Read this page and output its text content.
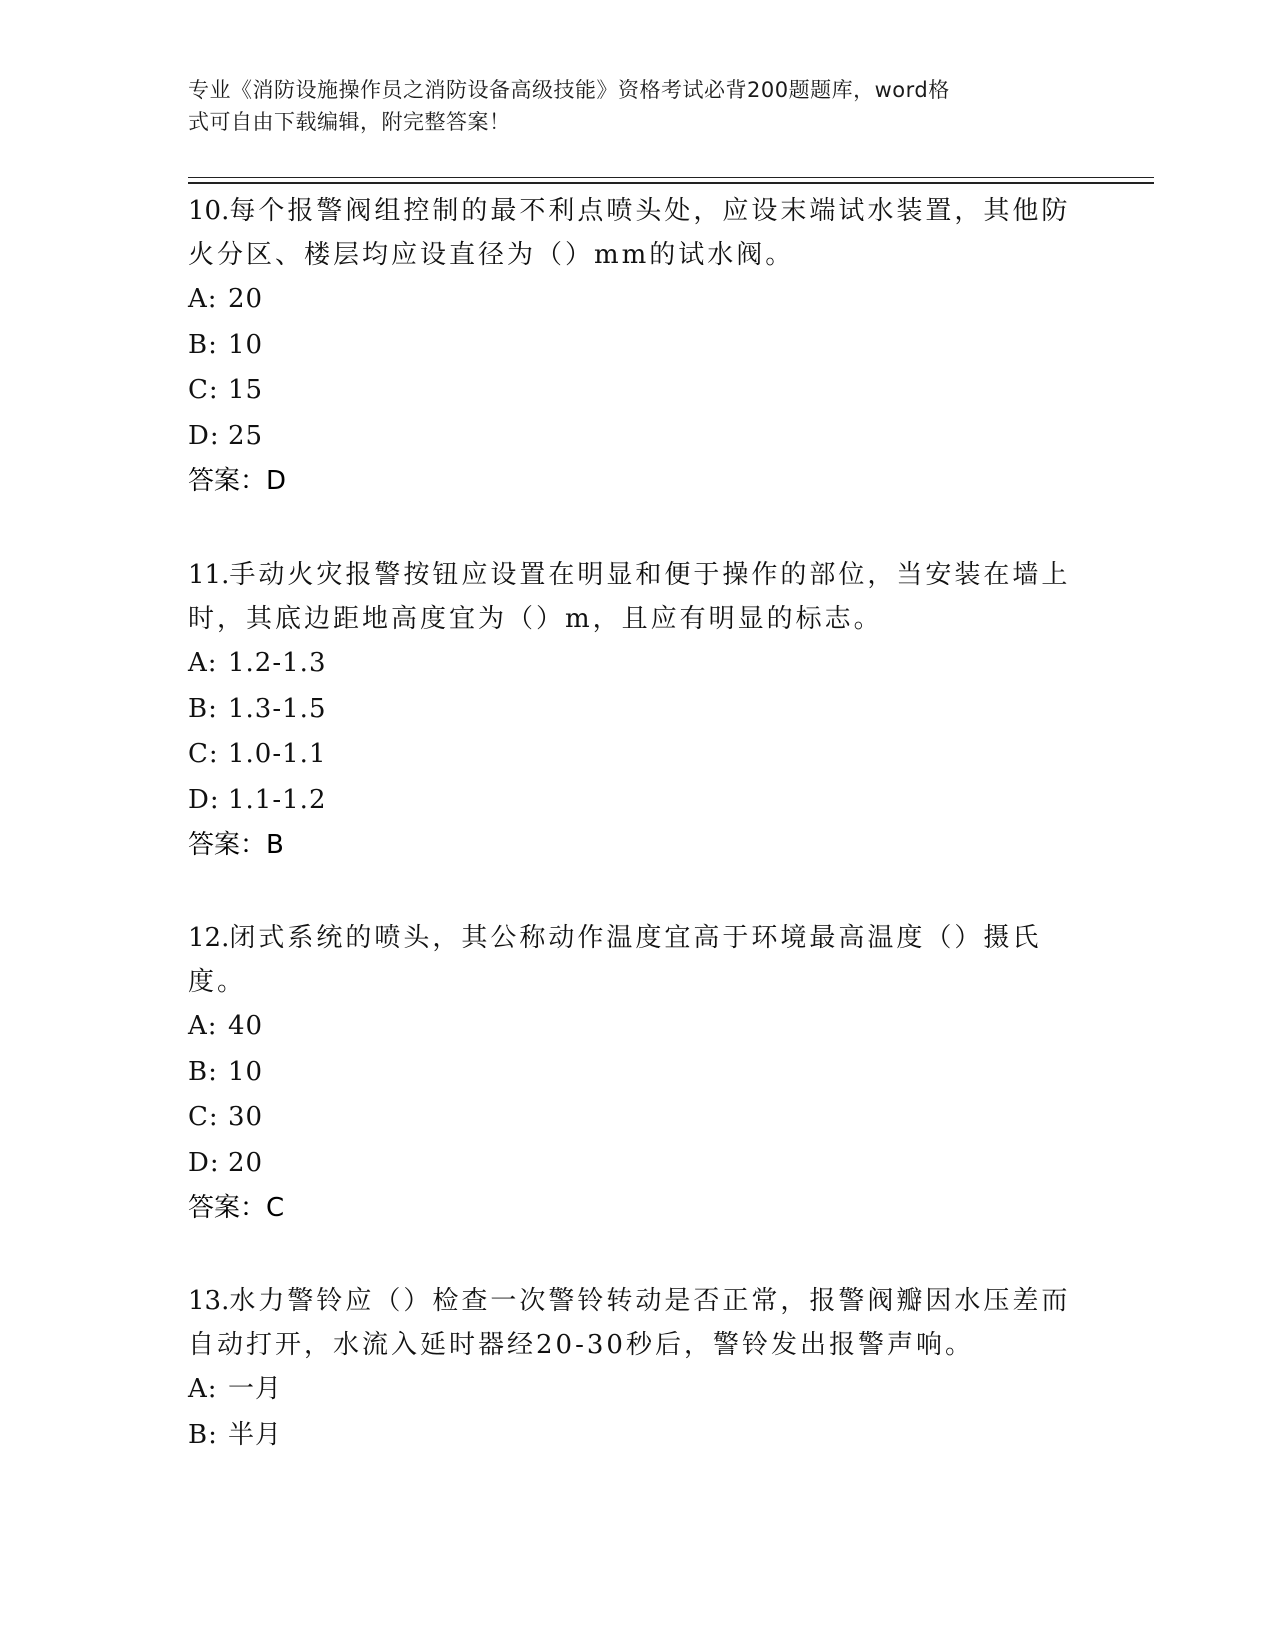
专业《消防设施操作员之消防设备高级技能》资格考试必背200题题库，word格
式可自由下载编辑，附完整答案！

10.每个报警阀组控制的最不利点喷头处，应设末端试水装置，其他防火分区、楼层均应设直径为（）mm的试水阀。

A: 20

B: 10

C: 15

D: 25

答案：D

11.手动火灾报警按钮应设置在明显和便于操作的部位，当安装在墙上时，其底边距地高度宜为（）m，且应有明显的标志。

A: 1.2-1.3

B: 1.3-1.5

C: 1.0-1.1

D: 1.1-1.2

答案：B

12.闭式系统的喷头，其公称动作温度宜高于环境最高温度（）摄氏度。

A: 40

B: 10

C: 30

D: 20

答案：C

13.水力警铃应（）检查一次警铃转动是否正常，报警阀瓣因水压差而自动打开，水流入延时器经20-30秒后，警铃发出报警声响。

A: 一月

B: 半月
